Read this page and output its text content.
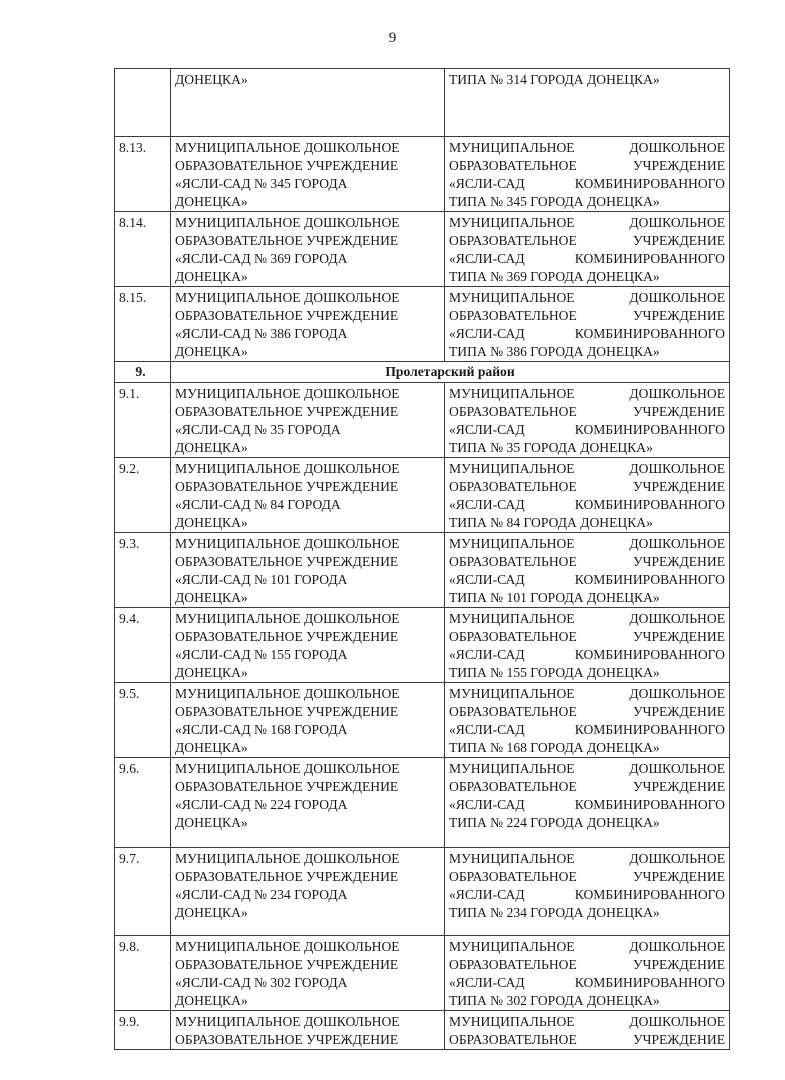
9

	ДОНЕЦКА»	ТИПА № 314 ГОРОДА ДОНЕЦКА»

8.13.	МУНИЦИПАЛЬНОЕ ДОШКОЛЬНОЕ
ОБРАЗОВАТЕЛЬНОЕ УЧРЕЖДЕНИЕ
«ЯСЛИ-САД № 345 ГОРОДА
ДОНЕЦКА»	МУНИЦИПАЛЬНОЕ ДОШКОЛЬНОЕ
ОБРАЗОВАТЕЛЬНОЕ УЧРЕЖДЕНИЕ
«ЯСЛИ-САД КОМБИНИРОВАННОГО
ТИПА № 345 ГОРОДА ДОНЕЦКА»

8.14.	МУНИЦИПАЛЬНОЕ ДОШКОЛЬНОЕ
ОБРАЗОВАТЕЛЬНОЕ УЧРЕЖДЕНИЕ
«ЯСЛИ-САД № 369 ГОРОДА
ДОНЕЦКА»	МУНИЦИПАЛЬНОЕ ДОШКОЛЬНОЕ
ОБРАЗОВАТЕЛЬНОЕ УЧРЕЖДЕНИЕ
«ЯСЛИ-САД КОМБИНИРОВАННОГО
ТИПА № 369 ГОРОДА ДОНЕЦКА»

8.15.	МУНИЦИПАЛЬНОЕ ДОШКОЛЬНОЕ
ОБРАЗОВАТЕЛЬНОЕ УЧРЕЖДЕНИЕ
«ЯСЛИ-САД № 386 ГОРОДА
ДОНЕЦКА»	МУНИЦИПАЛЬНОЕ ДОШКОЛЬНОЕ
ОБРАЗОВАТЕЛЬНОЕ УЧРЕЖДЕНИЕ
«ЯСЛИ-САД КОМБИНИРОВАННОГО
ТИПА № 386 ГОРОДА ДОНЕЦКА»

9.	Пролетарский район	
9.1.	МУНИЦИПАЛЬНОЕ ДОШКОЛЬНОЕ
ОБРАЗОВАТЕЛЬНОЕ УЧРЕЖДЕНИЕ
«ЯСЛИ-САД № 35 ГОРОДА
ДОНЕЦКА»	МУНИЦИПАЛЬНОЕ ДОШКОЛЬНОЕ
ОБРАЗОВАТЕЛЬНОЕ УЧРЕЖДЕНИЕ
«ЯСЛИ-САД КОМБИНИРОВАННОГО
ТИПА № 35 ГОРОДА ДОНЕЦКА»

9.2.	МУНИЦИПАЛЬНОЕ ДОШКОЛЬНОЕ
ОБРАЗОВАТЕЛЬНОЕ УЧРЕЖДЕНИЕ
«ЯСЛИ-САД № 84 ГОРОДА
ДОНЕЦКА»	МУНИЦИПАЛЬНОЕ ДОШКОЛЬНОЕ
ОБРАЗОВАТЕЛЬНОЕ УЧРЕЖДЕНИЕ
«ЯСЛИ-САД КОМБИНИРОВАННОГО
ТИПА № 84 ГОРОДА ДОНЕЦКА»

9.3.	МУНИЦИПАЛЬНОЕ ДОШКОЛЬНОЕ
ОБРАЗОВАТЕЛЬНОЕ УЧРЕЖДЕНИЕ
«ЯСЛИ-САД № 101 ГОРОДА
ДОНЕЦКА»	МУНИЦИПАЛЬНОЕ ДОШКОЛЬНОЕ
ОБРАЗОВАТЕЛЬНОЕ УЧРЕЖДЕНИЕ
«ЯСЛИ-САД КОМБИНИРОВАННОГО
ТИПА № 101 ГОРОДА ДОНЕЦКА»

9.4.	МУНИЦИПАЛЬНОЕ ДОШКОЛЬНОЕ
ОБРАЗОВАТЕЛЬНОЕ УЧРЕЖДЕНИЕ
«ЯСЛИ-САД № 155 ГОРОДА
ДОНЕЦКА»	МУНИЦИПАЛЬНОЕ ДОШКОЛЬНОЕ
ОБРАЗОВАТЕЛЬНОЕ УЧРЕЖДЕНИЕ
«ЯСЛИ-САД КОМБИНИРОВАННОГО
ТИПА № 155 ГОРОДА ДОНЕЦКА»

9.5.	МУНИЦИПАЛЬНОЕ ДОШКОЛЬНОЕ
ОБРАЗОВАТЕЛЬНОЕ УЧРЕЖДЕНИЕ
«ЯСЛИ-САД № 168 ГОРОДА
ДОНЕЦКА»	МУНИЦИПАЛЬНОЕ ДОШКОЛЬНОЕ
ОБРАЗОВАТЕЛЬНОЕ УЧРЕЖДЕНИЕ
«ЯСЛИ-САД КОМБИНИРОВАННОГО
ТИПА № 168 ГОРОДА ДОНЕЦКА»

9.6.	МУНИЦИПАЛЬНОЕ ДОШКОЛЬНОЕ
ОБРАЗОВАТЕЛЬНОЕ УЧРЕЖДЕНИЕ
«ЯСЛИ-САД № 224 ГОРОДА
ДОНЕЦКА»	МУНИЦИПАЛЬНОЕ ДОШКОЛЬНОЕ
ОБРАЗОВАТЕЛЬНОЕ УЧРЕЖДЕНИЕ
«ЯСЛИ-САД КОМБИНИРОВАННОГО
ТИПА № 224 ГОРОДА ДОНЕЦКА»

9.7.	МУНИЦИПАЛЬНОЕ ДОШКОЛЬНОЕ
ОБРАЗОВАТЕЛЬНОЕ УЧРЕЖДЕНИЕ
«ЯСЛИ-САД № 234 ГОРОДА
ДОНЕЦКА»	МУНИЦИПАЛЬНОЕ ДОШКОЛЬНОЕ
ОБРАЗОВАТЕЛЬНОЕ УЧРЕЖДЕНИЕ
«ЯСЛИ-САД КОМБИНИРОВАННОГО
ТИПА № 234 ГОРОДА ДОНЕЦКА»

9.8.	МУНИЦИПАЛЬНОЕ ДОШКОЛЬНОЕ
ОБРАЗОВАТЕЛЬНОЕ УЧРЕЖДЕНИЕ
«ЯСЛИ-САД № 302 ГОРОДА
ДОНЕЦКА»	МУНИЦИПАЛЬНОЕ ДОШКОЛЬНОЕ
ОБРАЗОВАТЕЛЬНОЕ УЧРЕЖДЕНИЕ
«ЯСЛИ-САД КОМБИНИРОВАННОГО
ТИПА № 302 ГОРОДА ДОНЕЦКА»

9.9.	МУНИЦИПАЛЬНОЕ ДОШКОЛЬНОЕ
ОБРАЗОВАТЕЛЬНОЕ УЧРЕЖДЕНИЕ	МУНИЦИПАЛЬНОЕ ДОШКОЛЬНОЕ
ОБРАЗОВАТЕЛЬНОЕ УЧРЕЖДЕНИЕ
